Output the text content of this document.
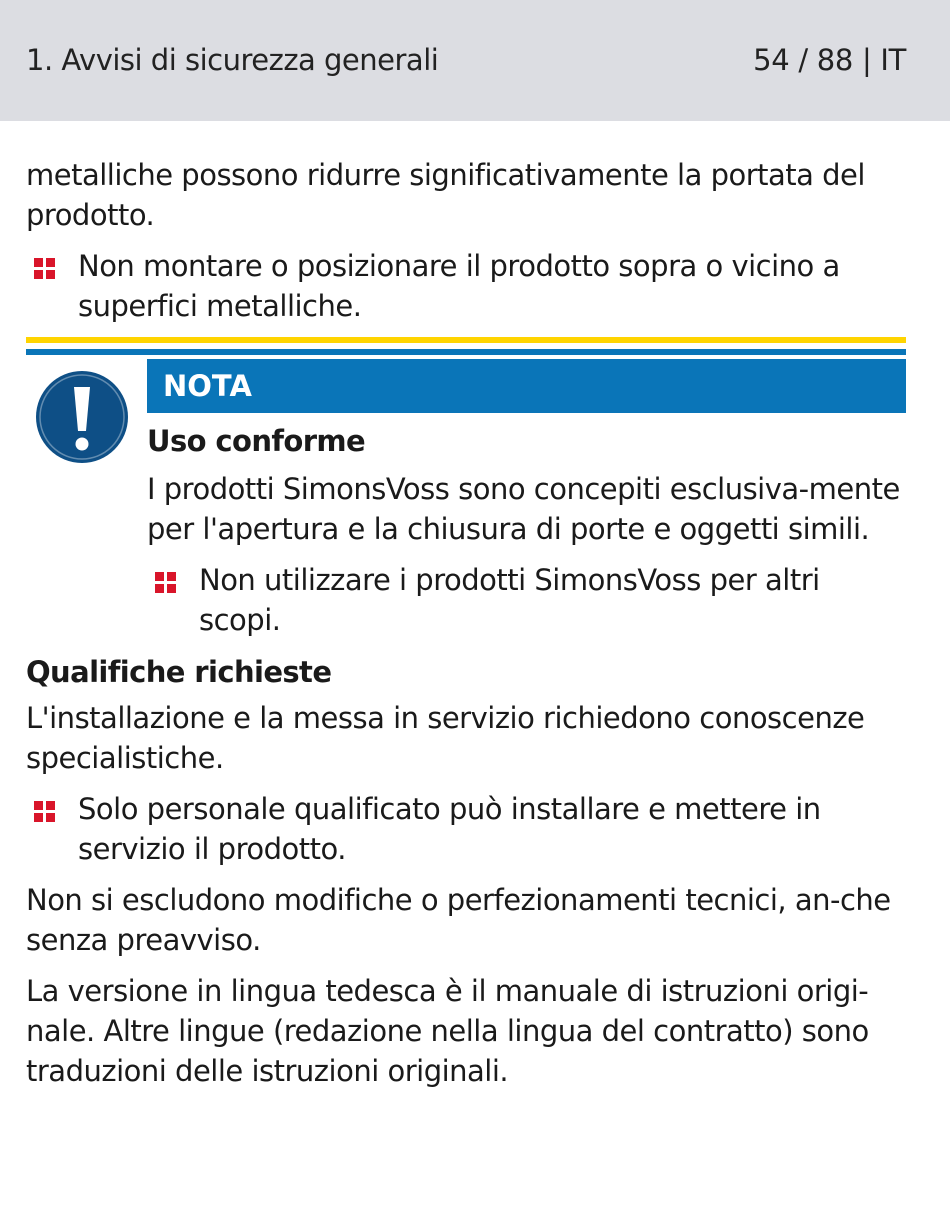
1. Avvisi di sicurezza generali	54 / 88 | IT

metalliche possono ridurre significativamente la portata del prodotto.

Non montare o posizionare il prodotto sopra o vicino a superfici metalliche.
NOTA
Uso conforme

I prodotti SimonsVoss sono concepiti esclusiva-mente per l'apertura e la chiusura di porte e oggetti simili.

Non utilizzare i prodotti SimonsVoss per altri scopi.
Qualifiche richieste

L'installazione e la messa in servizio richiedono conoscenze specialistiche.

Solo personale qualificato può installare e mettere in servizio il prodotto.

Non si escludono modifiche o perfezionamenti tecnici, an-che senza preavviso.

La versione in lingua tedesca è il manuale di istruzioni origi-nale. Altre lingue (redazione nella lingua del contratto) sono traduzioni delle istruzioni originali.
